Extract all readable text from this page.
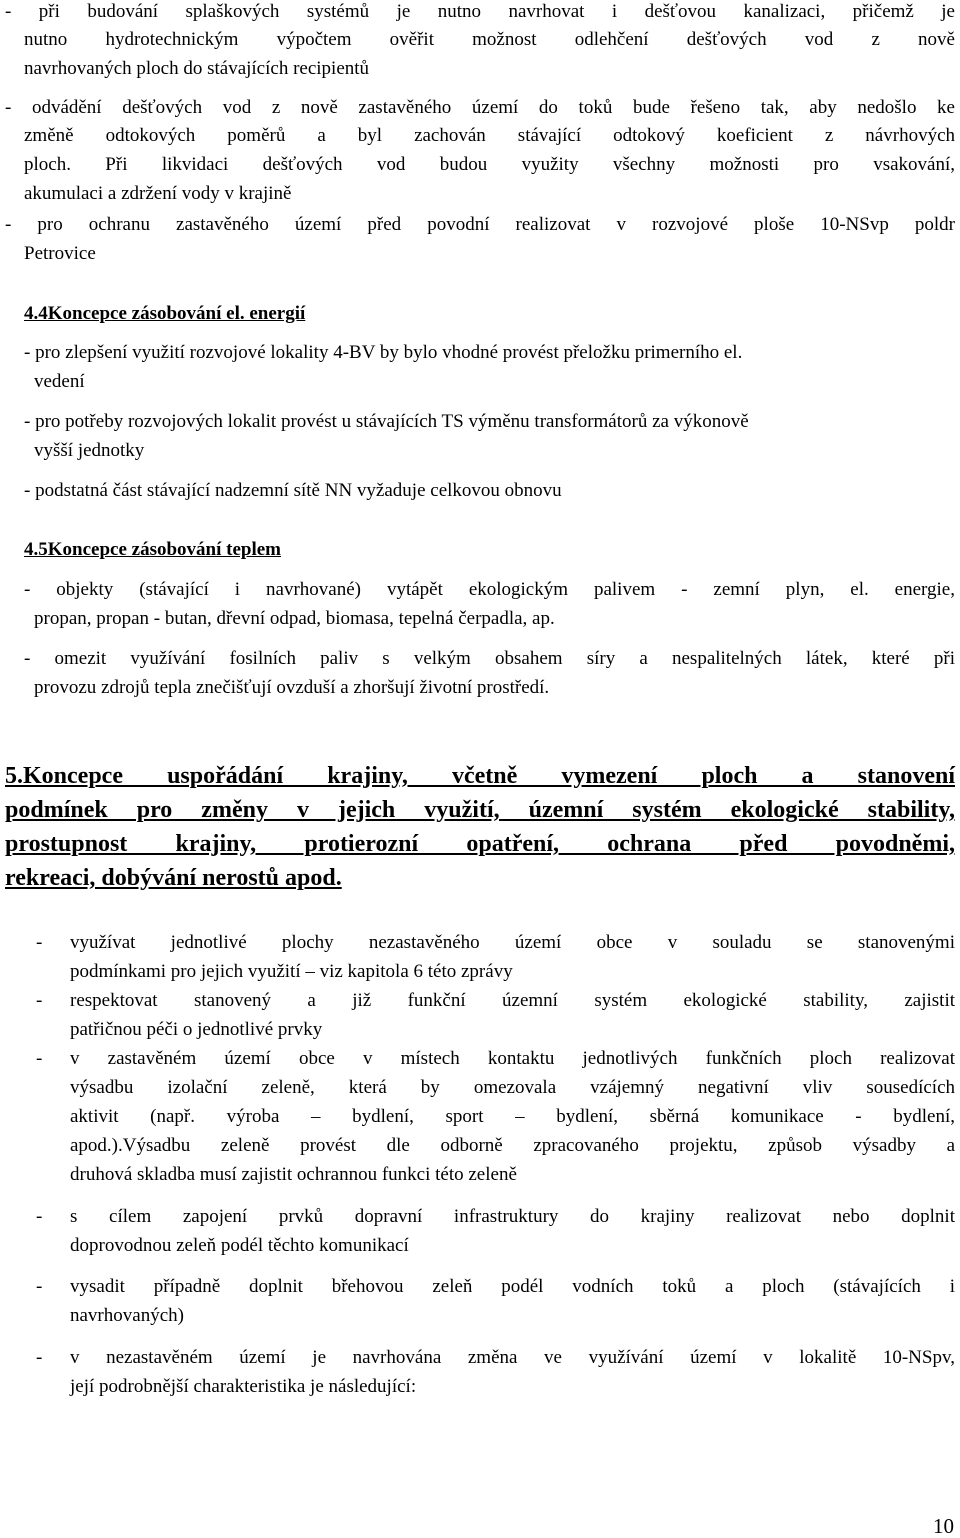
- při budování splaškových systémů je nutno navrhovat i dešťovou kanalizaci, přičemž je
nutno hydrotechnickým výpočtem ověřit možnost odlehčení dešťových vod z nově
navrhovaných ploch do stávajících recipientů
- odvádění dešťových vod z nově zastavěného území do toků bude řešeno tak, aby nedošlo ke
změně odtokových poměrů a byl zachován stávající odtokový koeficient z návrhových
ploch. Při likvidaci dešťových vod budou využity všechny možnosti pro vsakování,
akumulaci a zdržení vody v krajině
- pro ochranu zastavěného území před povodní realizovat v rozvojové ploše 10-NSvp poldr
Petrovice
4.4Koncepce zásobování el. energií
- pro zlepšení využití rozvojové lokality 4-BV by bylo vhodné provést přeložku primerního el.
vedení
- pro potřeby rozvojových lokalit provést u stávajících TS výměnu transformátorů za výkonově
vyšší jednotky
- podstatná část stávající nadzemní sítě NN vyžaduje celkovou obnovu
4.5Koncepce zásobování teplem
- objekty (stávající i navrhované) vytápět ekologickým palivem - zemní plyn, el. energie,
propan, propan - butan, dřevní odpad, biomasa, tepelná čerpadla, ap.
- omezit využívání fosilních paliv s velkým obsahem síry a nespalitelných látek, které při
provozu zdrojů tepla znečišťují ovzduší a zhoršují životní prostředí.
5.Koncepce uspořádání krajiny, včetně vymezení ploch a stanovení
podmínek pro změny v jejich využití, územní systém ekologické stability,
prostupnost krajiny, protierozní opatření, ochrana před povodněmi,
rekreaci, dobývání nerostů apod.
- využívat jednotlivé plochy nezastavěného území obce v souladu se stanovenými
podmínkami pro jejich využití – viz kapitola 6 této zprávy
- respektovat stanovený a již funkční územní systém ekologické stability, zajistit
patřičnou péči o jednotlivé prvky
- v zastavěném území obce v místech kontaktu jednotlivých funkčních ploch realizovat
výsadbu izolační zeleně, která by omezovala vzájemný negativní vliv sousedících
aktivit (např. výroba – bydlení, sport – bydlení, sběrná komunikace - bydlení,
apod.).Výsadbu zeleně provést dle odborně zpracovaného projektu, způsob výsadby a
druhová skladba musí zajistit ochrannou funkci této zeleně
- s cílem zapojení prvků dopravní infrastruktury do krajiny realizovat nebo doplnit
doprovodnou zeleň podél těchto komunikací
- vysadit případně doplnit břehovou zeleň podél vodních toků a ploch (stávajících i
navrhovaných)
- v nezastavěném území je navrhována změna ve využívání území v lokalitě 10-NSpv,
její podrobnější charakteristika je následující:
10
